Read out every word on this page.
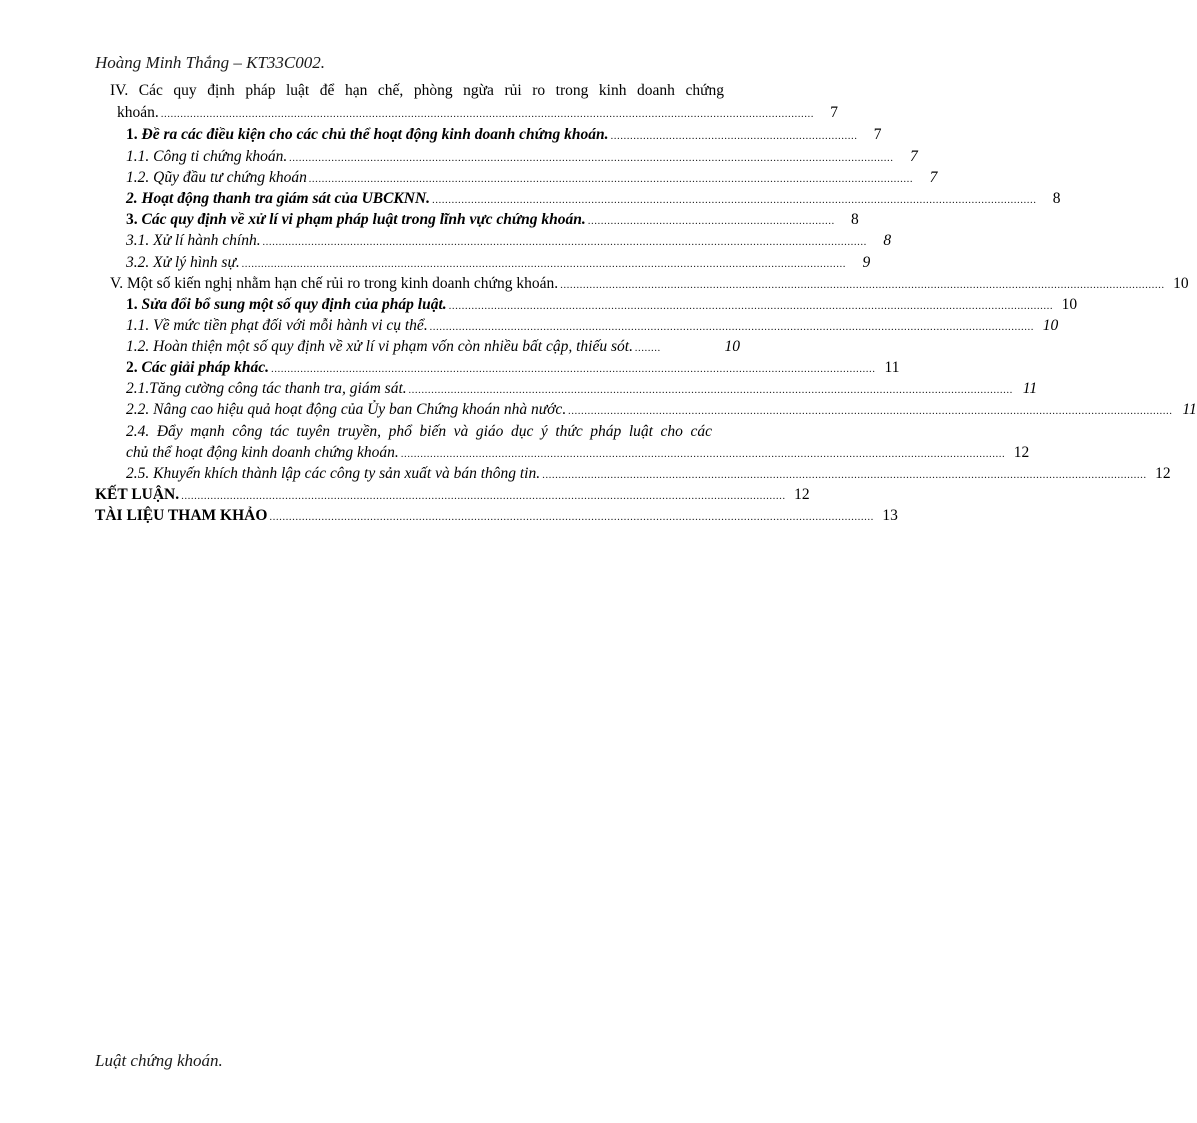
Hoàng Minh Thắng – KT33C002.
IV. Các quy định pháp luật để hạn chế, phòng ngừa rủi ro trong kinh doanh chứng
khoán. .........................................................................................................................................................................................................	7
1. Đề ra các điều kiện cho các chủ thể hoạt động kinh doanh chứng khoán. ............................................................................	7
1.1. Công ti chứng khoán. ..........................................................................................................................................................................................	7
1.2. Qũy đầu tư chứng khoán ..........................................................................................................................................................................................	7
2. Hoạt động thanh tra giám sát của UBCKNN. ..........................................................................................................................................................................................	8
3. Các quy định về xử lí vi phạm pháp luật trong lĩnh vực chứng khoán. ............................................................................	8
3.1. Xử lí hành chính. ..........................................................................................................................................................................................	8
3.2. Xử lý hình sự. ..........................................................................................................................................................................................	9
V. Một số kiến nghị nhằm hạn chế rủi ro trong kinh doanh chứng khoán. .......................................................................................................................................................................................... 10
1. Sửa đổi bổ sung một số quy định của pháp luật. .......................................................................................................................................................................................... 10
1.1. Về mức tiền phạt đối với mỗi hành vi cụ thể. .......................................................................................................................................................................................... 10
1.2. Hoàn thiện một số quy định về xử lí vi phạm vốn còn nhiều bất cập, thiếu sót. ........	10
2. Các giải pháp khác. .......................................................................................................................................................................................... 11
2.1.Tăng cường công tác thanh tra, giám sát. .......................................................................................................................................................................................... 11
2.2. Nâng cao hiệu quả hoạt động của Ủy ban Chứng khoán nhà nước. .......................................................................................................................................................................................... 11
2.4. Đẩy mạnh công tác tuyên truyền, phổ biến và giáo dục ý thức pháp luật cho các
chủ thể hoạt động kinh doanh chứng khoán. .......................................................................................................................................................................................... 12
2.5. Khuyến khích thành lập các công ty sản xuất và bán thông tin. .......................................................................................................................................................................................... 12
KẾT LUẬN. .......................................................................................................................................................................................... 12
TÀI LIỆU THAM KHẢO .......................................................................................................................................................................................... 13
Luật chứng khoán.
